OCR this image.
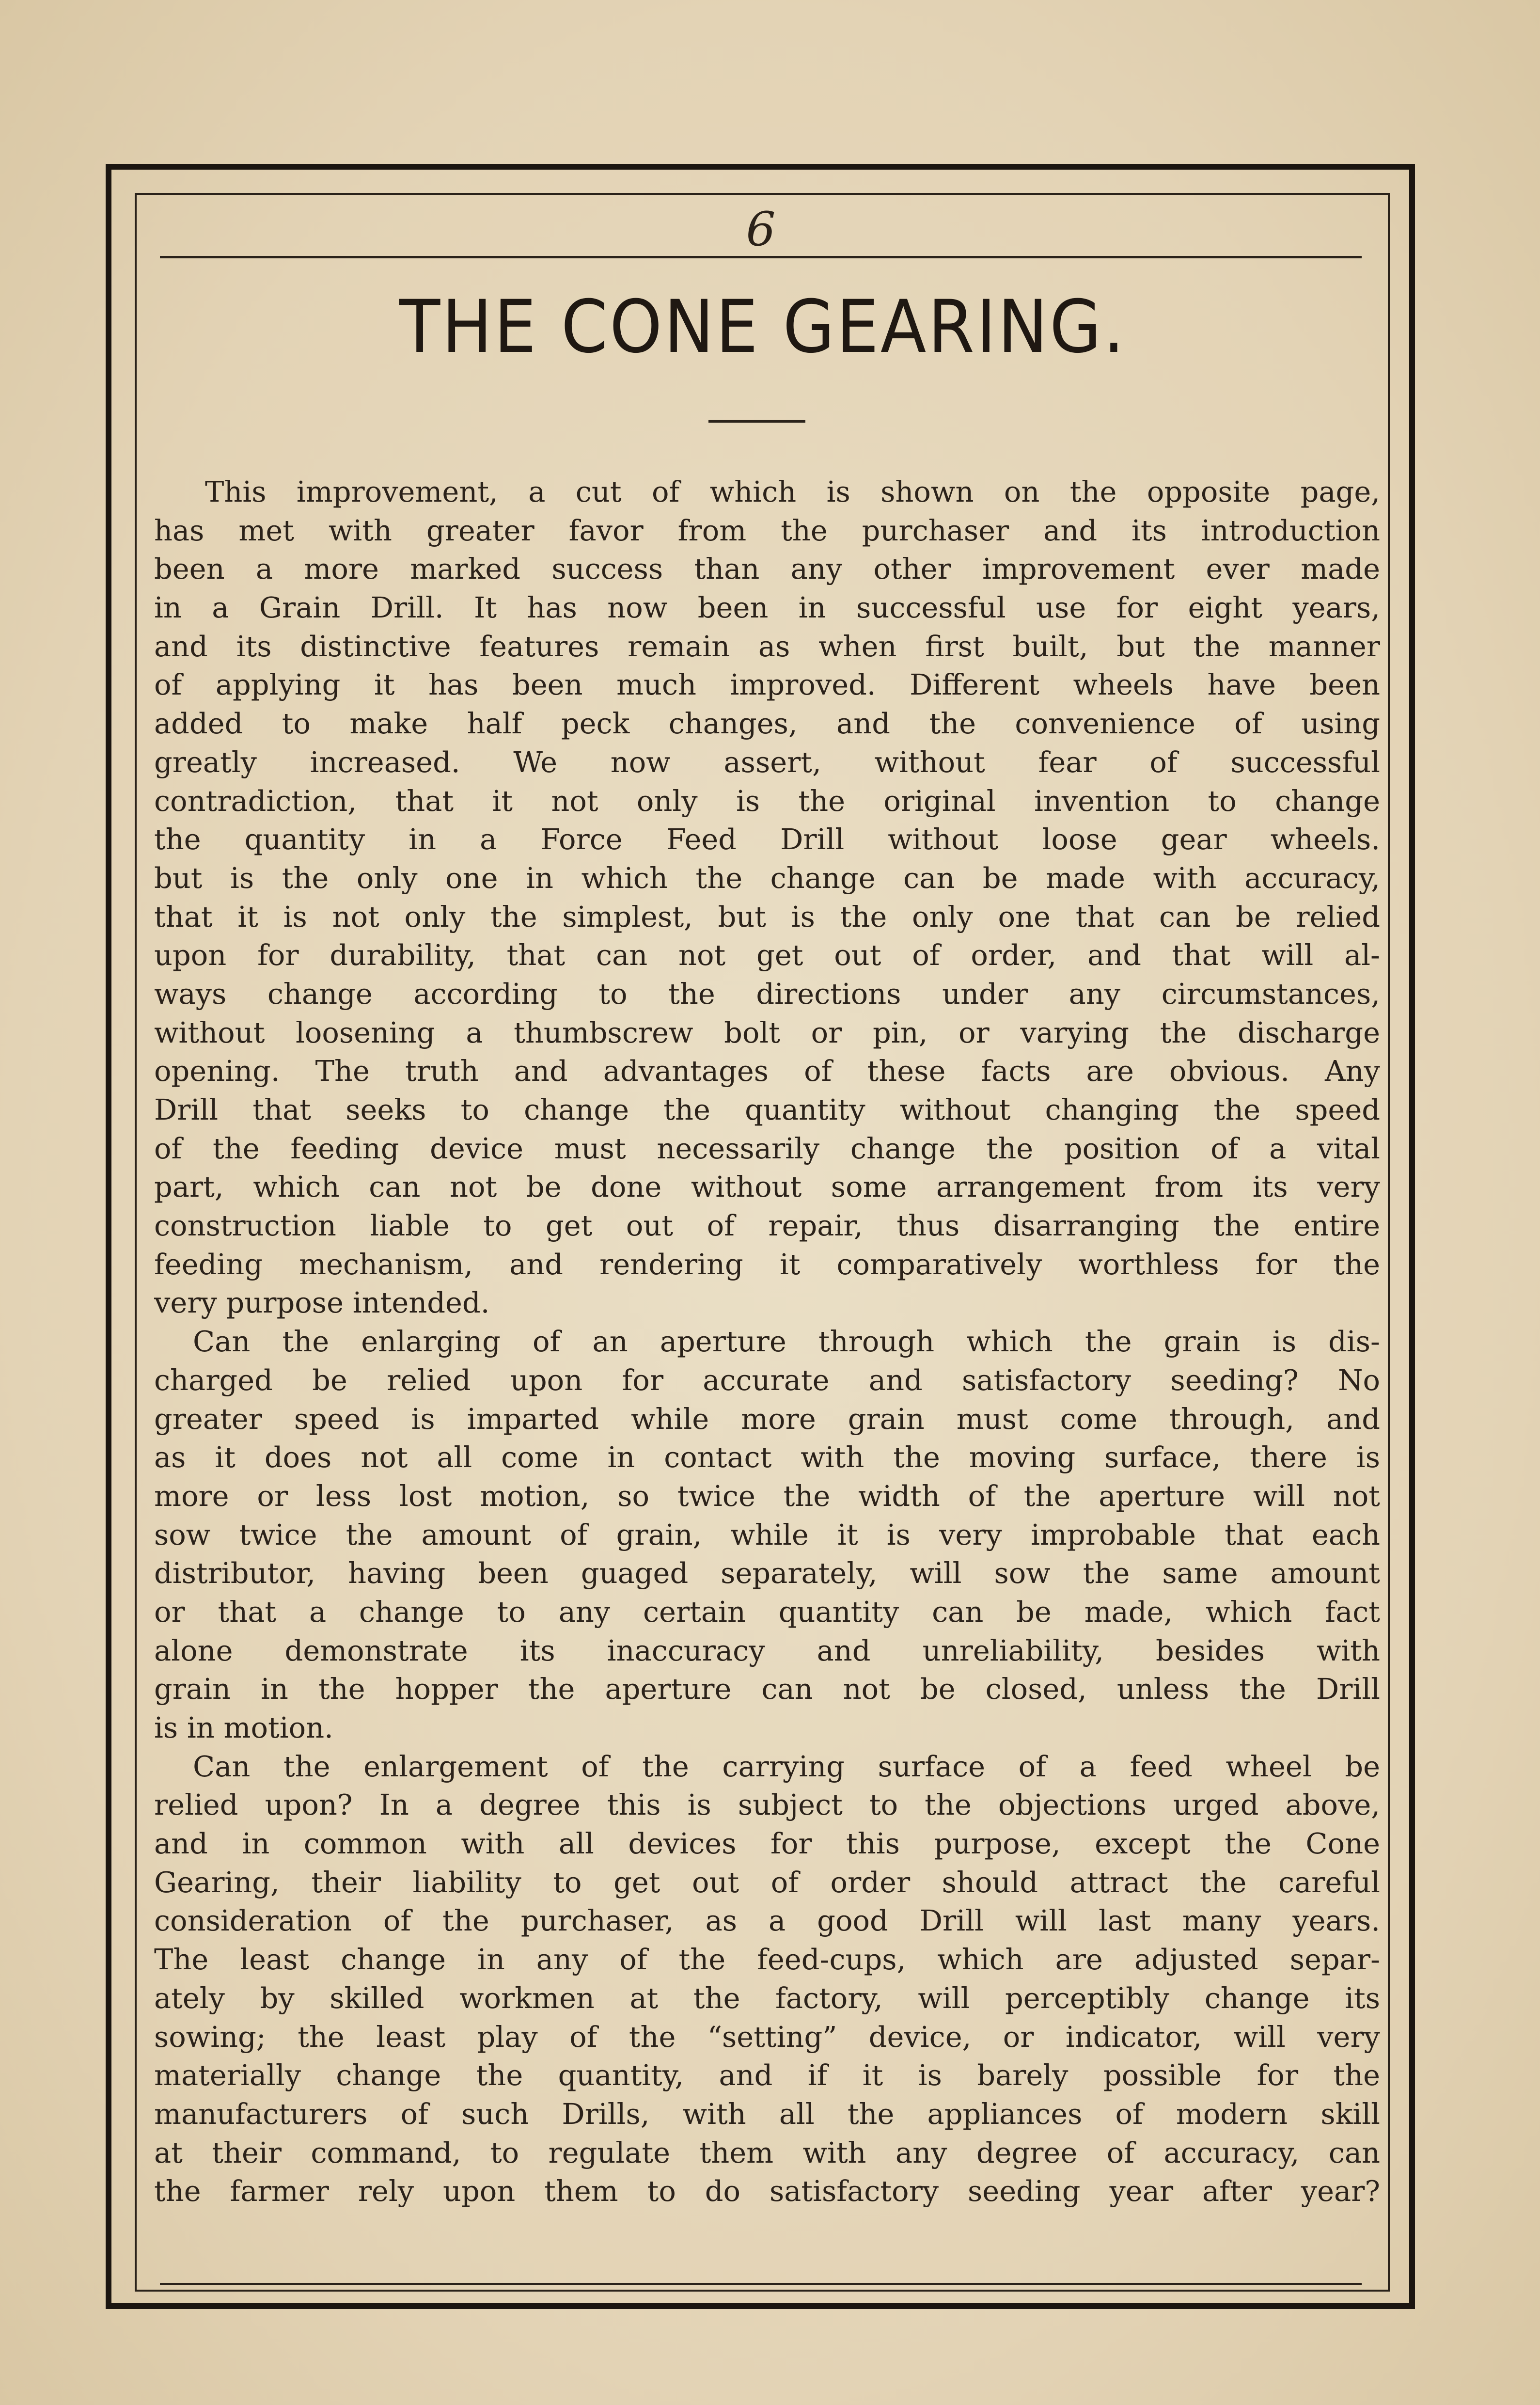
6
THE CONE GEARING.
This improvement, a cut of which is shown on the opposite page,
has met with greater favor from the purchaser and its introduction
been a more marked success than any other improvement ever made
in a Grain Drill. It has now been in successful use for eight years,
and its distinctive features remain as when first built, but the manner
of applying it has been much improved. Different wheels have been
added to make half peck changes, and the convenience of using
greatly increased. We now assert, without fear of successful
contradiction, that it not only is the original invention to change
the quantity in a Force Feed Drill without loose gear wheels.
but is the only one in which the change can be made with accuracy,
that it is not only the simplest, but is the only one that can be relied
upon for durability, that can not get out of order, and that will al-
ways change according to the directions under any circumstances,
without loosening a thumbscrew bolt or pin, or varying the discharge
opening. The truth and advantages of these facts are obvious. Any
Drill that seeks to change the quantity without changing the speed
of the feeding device must necessarily change the position of a vital
part, which can not be done without some arrangement from its very
construction liable to get out of repair, thus disarranging the entire
feeding mechanism, and rendering it comparatively worthless for the
very purpose intended.
Can the enlarging of an aperture through which the grain is dis-
charged be relied upon for accurate and satisfactory seeding? No
greater speed is imparted while more grain must come through, and
as it does not all come in contact with the moving surface, there is
more or less lost motion, so twice the width of the aperture will not
sow twice the amount of grain, while it is very improbable that each
distributor, having been guaged separately, will sow the same amount
or that a change to any certain quantity can be made, which fact
alone demonstrate its inaccuracy and unreliability, besides with
grain in the hopper the aperture can not be closed, unless the Drill
is in motion.
Can the enlargement of the carrying surface of a feed wheel be
relied upon? In a degree this is subject to the objections urged above,
and in common with all devices for this purpose, except the Cone
Gearing, their liability to get out of order should attract the careful
consideration of the purchaser, as a good Drill will last many years.
The least change in any of the feed-cups, which are adjusted separ-
ately by skilled workmen at the factory, will perceptibly change its
sowing; the least play of the “setting” device, or indicator, will very
materially change the quantity, and if it is barely possible for the
manufacturers of such Drills, with all the appliances of modern skill
at their command, to regulate them with any degree of accuracy, can
the farmer rely upon them to do satisfactory seeding year after year?
